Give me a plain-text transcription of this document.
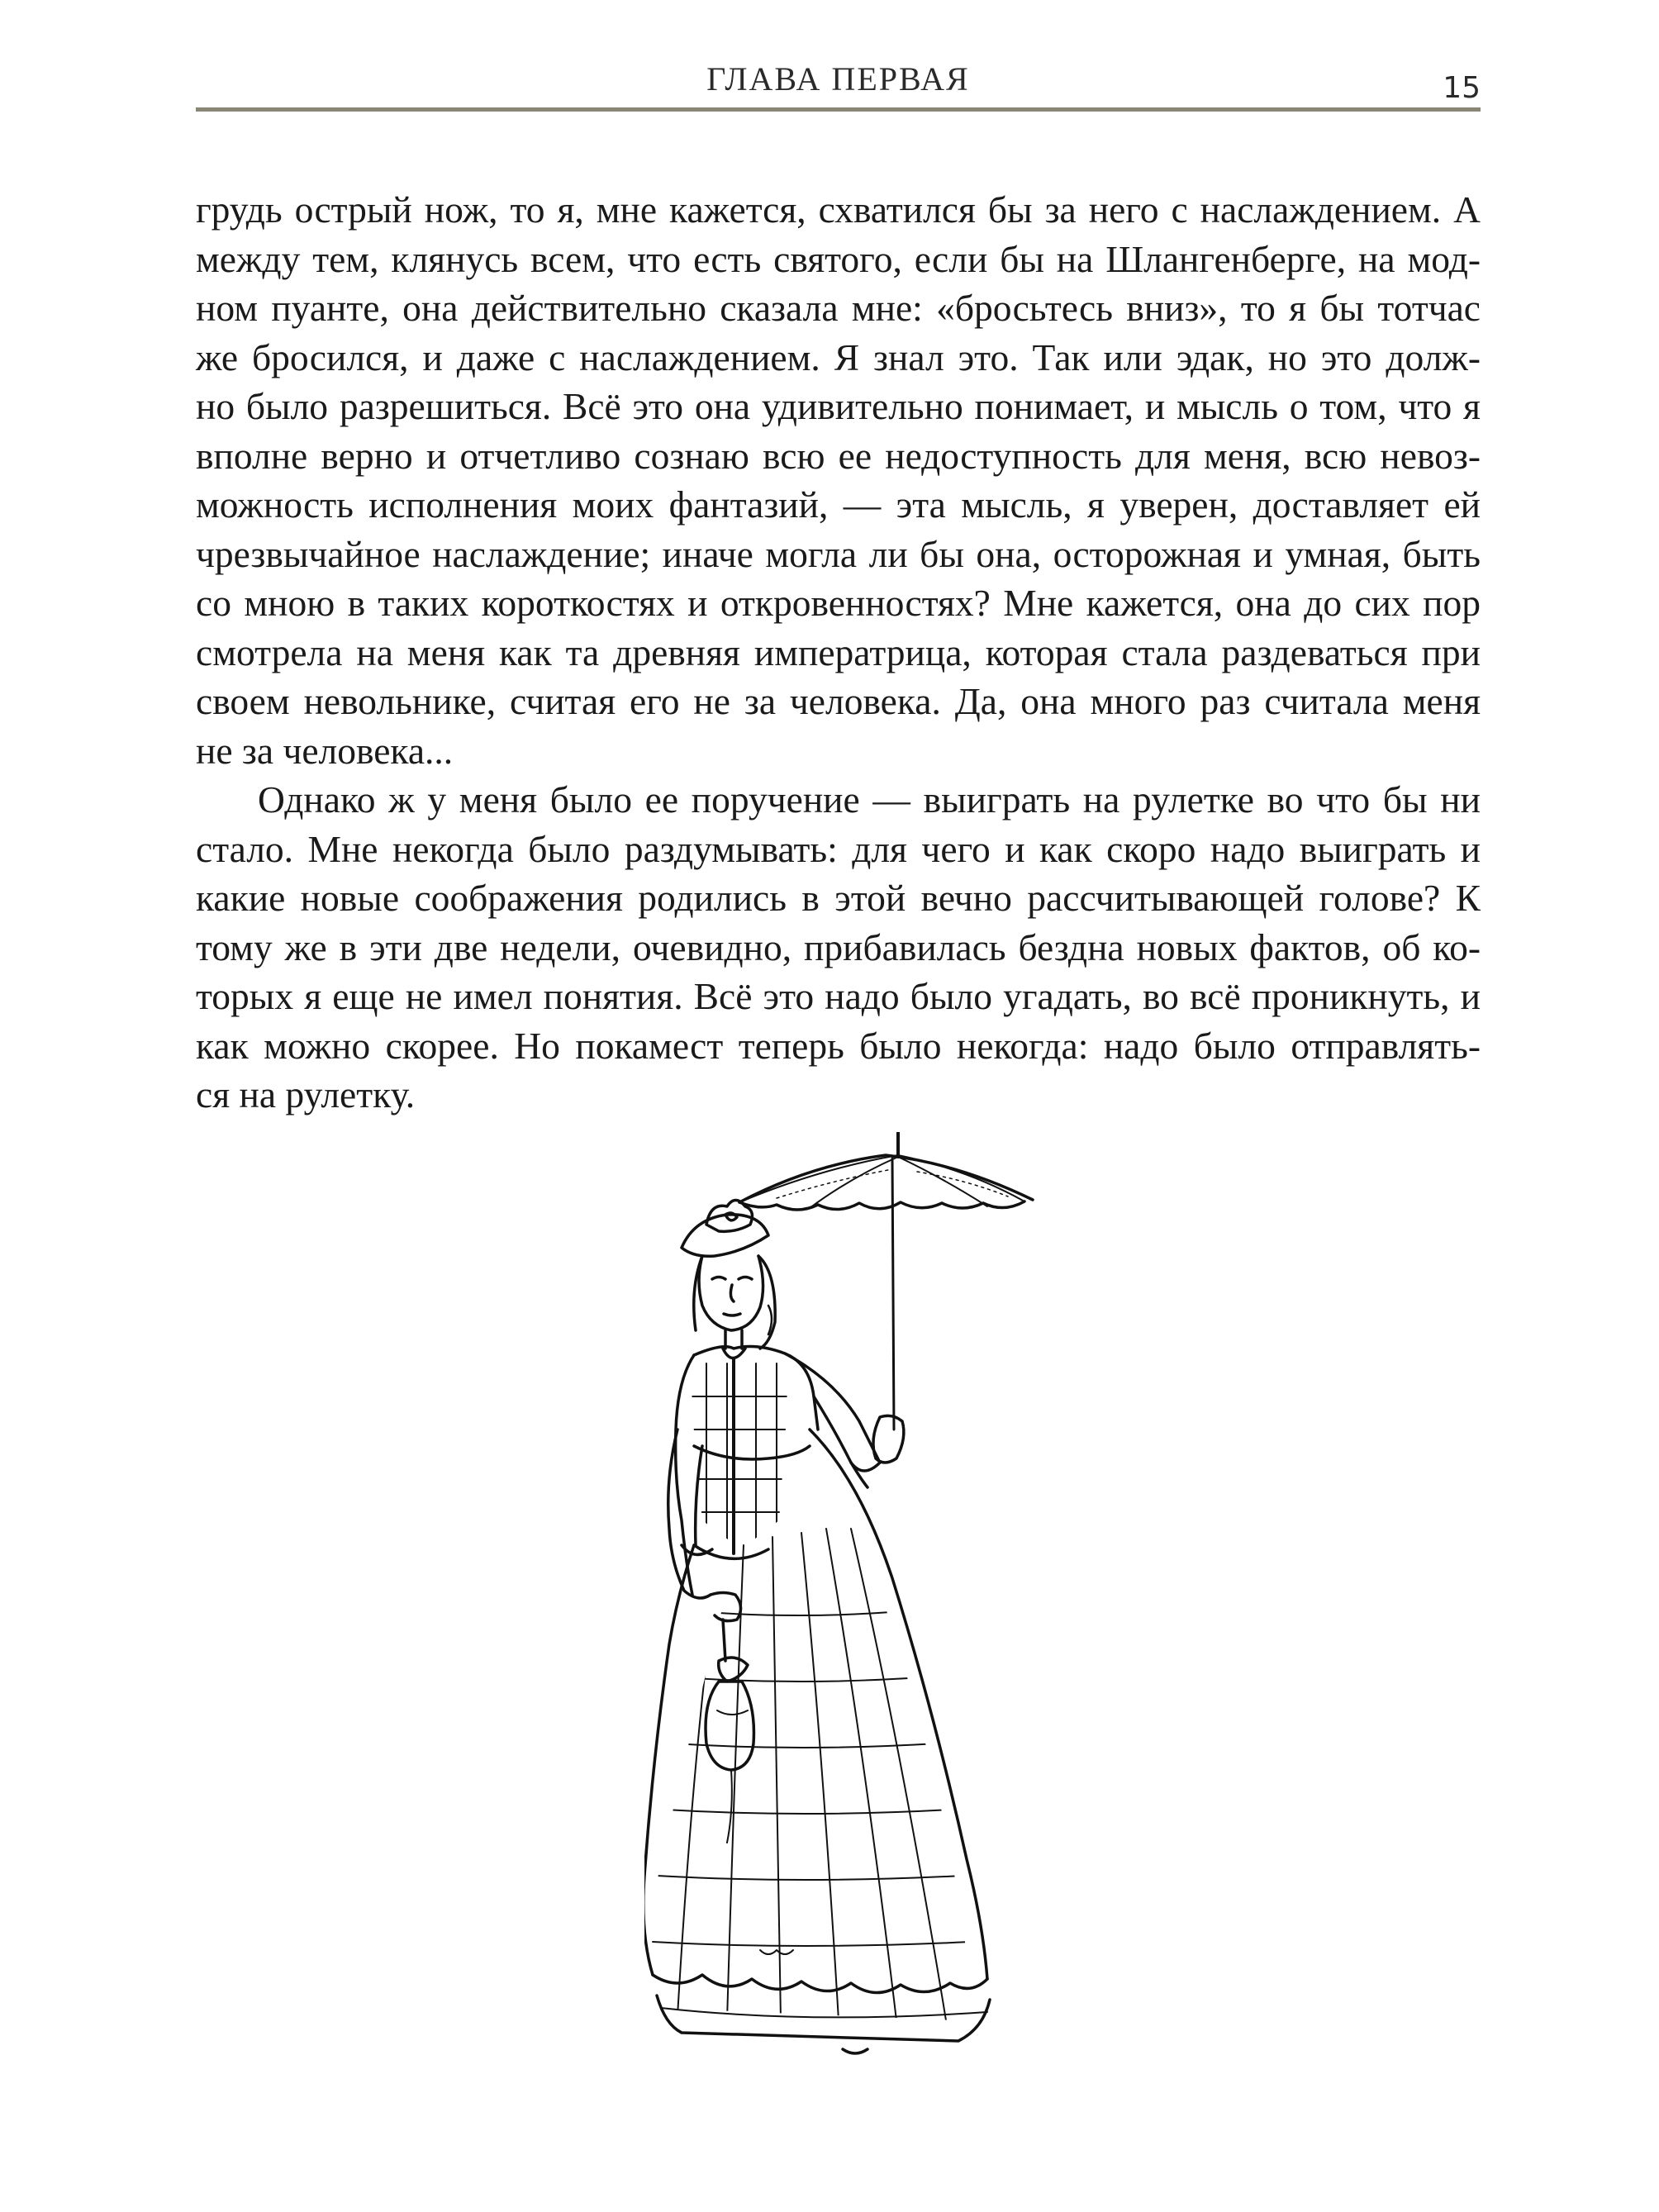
ГЛАВА ПЕРВАЯ	15
грудь острый нож, то я, мне кажется, схватился бы за него с наслаждением. А
между тем, клянусь всем, что есть святого, если бы на Шлангенберге, на мод-
ном пуанте, она действительно сказала мне: «бросьтесь вниз», то я бы тотчас
же бросился, и даже с наслаждением. Я знал это. Так или эдак, но это долж-
но было разрешиться. Всё это она удивительно понимает, и мысль о том, что я
вполне верно и отчетливо сознаю всю ее недоступность для меня, всю невоз-
можность исполнения моих фантазий, — эта мысль, я уверен, доставляет ей
чрезвычайное наслаждение; иначе могла ли бы она, осторожная и умная, быть
со мною в таких короткостях и откровенностях? Мне кажется, она до сих пор
смотрела на меня как та древняя императрица, которая стала раздеваться при
своем невольнике, считая его не за человека. Да, она много раз считала меня
не за человека...
Однако ж у меня было ее поручение — выиграть на рулетке во что бы ни
стало. Мне некогда было раздумывать: для чего и как скоро надо выиграть и
какие новые соображения родились в этой вечно рассчитывающей голове? К
тому же в эти две недели, очевидно, прибавилась бездна новых фактов, об ко-
торых я еще не имел понятия. Всё это надо было угадать, во всё проникнуть, и
как можно скорее. Но покамест теперь было некогда: надо было отправлять-
ся на рулетку.
